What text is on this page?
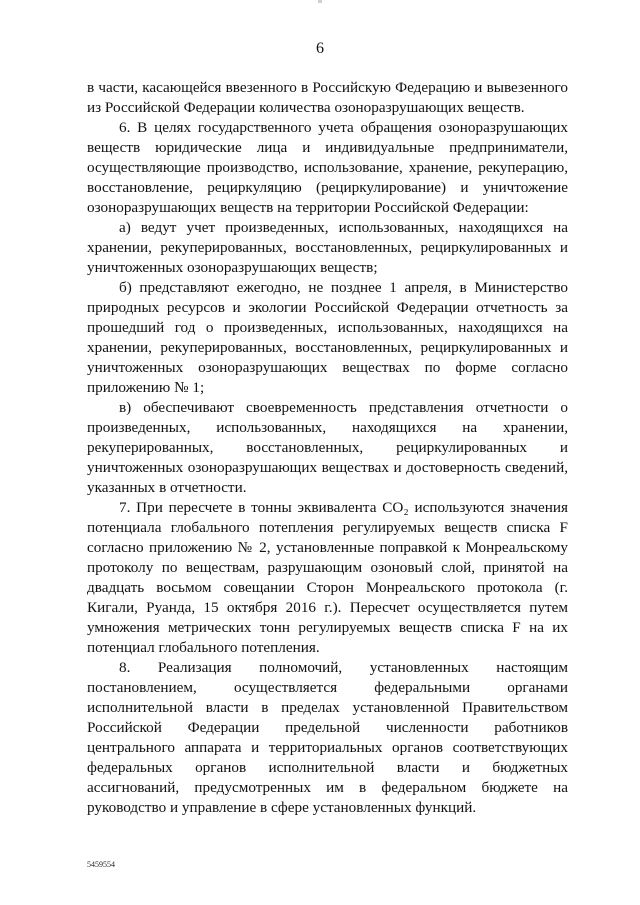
6

в части, касающейся ввезенного в Российскую Федерацию и вывезенного из Российской Федерации количества озоноразрушающих веществ.

6. В целях государственного учета обращения озоноразрушающих веществ юридические лица и индивидуальные предприниматели, осуществляющие производство, использование, хранение, рекуперацию, восстановление, рециркуляцию (рециркулирование) и уничтожение озоноразрушающих веществ на территории Российской Федерации:

а) ведут учет произведенных, использованных, находящихся на хранении, рекуперированных, восстановленных, рециркулированных и уничтоженных озоноразрушающих веществ;

б) представляют ежегодно, не позднее 1 апреля, в Министерство природных ресурсов и экологии Российской Федерации отчетность за прошедший год о произведенных, использованных, находящихся на хранении, рекуперированных, восстановленных, рециркулированных и уничтоженных озоноразрушающих веществах по форме согласно приложению № 1;

в) обеспечивают своевременность представления отчетности о произведенных, использованных, находящихся на хранении, рекуперированных, восстановленных, рециркулированных и уничтоженных озоноразрушающих веществах и достоверность сведений, указанных в отчетности.

7. При пересчете в тонны эквивалента CO₂ используются значения потенциала глобального потепления регулируемых веществ списка F согласно приложению № 2, установленные поправкой к Монреальскому протоколу по веществам, разрушающим озоновый слой, принятой на двадцать восьмом совещании Сторон Монреальского протокола (г. Кигали, Руанда, 15 октября 2016 г.). Пересчет осуществляется путем умножения метрических тонн регулируемых веществ списка F на их потенциал глобального потепления.

8. Реализация полномочий, установленных настоящим постановлением, осуществляется федеральными органами исполнительной власти в пределах установленной Правительством Российской Федерации предельной численности работников центрального аппарата и территориальных органов соответствующих федеральных органов исполнительной власти и бюджетных ассигнований, предусмотренных им в федеральном бюджете на руководство и управление в сфере установленных функций.

5459554
